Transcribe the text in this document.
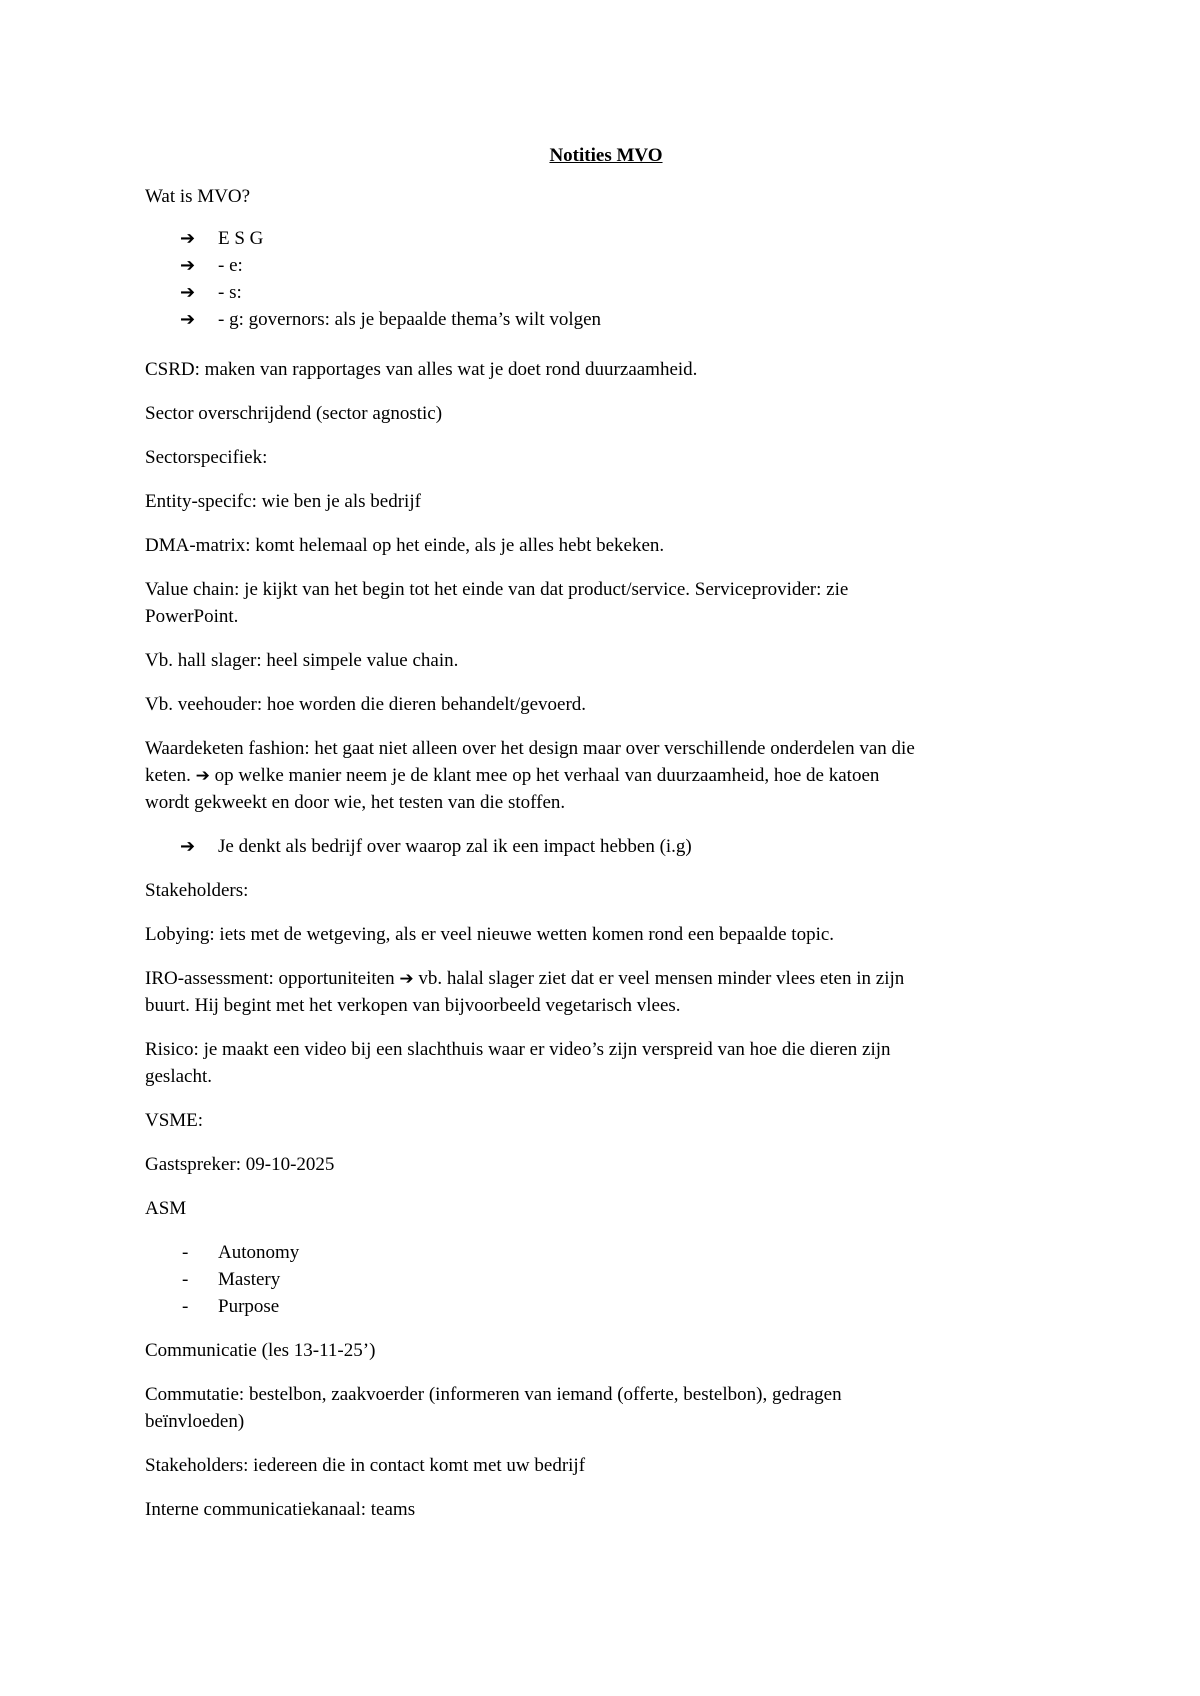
Notities MVO
Wat is MVO?
➔ E S G
➔ - e:
➔ - s:
➔ - g: governors: als je bepaalde thema’s wilt volgen
CSRD: maken van rapportages van alles wat je doet rond duurzaamheid.
Sector overschrijdend (sector agnostic)
Sectorspecifiek:
Entity-specifc: wie ben je als bedrijf
DMA-matrix: komt helemaal op het einde, als je alles hebt bekeken.
Value chain: je kijkt van het begin tot het einde van dat product/service. Serviceprovider: zie
PowerPoint.
Vb. hall slager: heel simpele value chain.
Vb. veehouder: hoe worden die dieren behandelt/gevoerd.
Waardeketen fashion: het gaat niet alleen over het design maar over verschillende onderdelen van die
keten. ➔ op welke manier neem je de klant mee op het verhaal van duurzaamheid, hoe de katoen
wordt gekweekt en door wie, het testen van die stoffen.
➔ Je denkt als bedrijf over waarop zal ik een impact hebben (i.g)
Stakeholders:
Lobying: iets met de wetgeving, als er veel nieuwe wetten komen rond een bepaalde topic.
IRO-assessment: opportuniteiten ➔ vb. halal slager ziet dat er veel mensen minder vlees eten in zijn
buurt. Hij begint met het verkopen van bijvoorbeeld vegetarisch vlees.
Risico: je maakt een video bij een slachthuis waar er video’s zijn verspreid van hoe die dieren zijn
geslacht.
VSME:
Gastspreker: 09-10-2025
ASM
- Autonomy
- Mastery
- Purpose
Communicatie (les 13-11-25’)
Commutatie: bestelbon, zaakvoerder (informeren van iemand (offerte, bestelbon), gedragen
beïnvloeden)
Stakeholders: iedereen die in contact komt met uw bedrijf
Interne communicatiekanaal: teams
